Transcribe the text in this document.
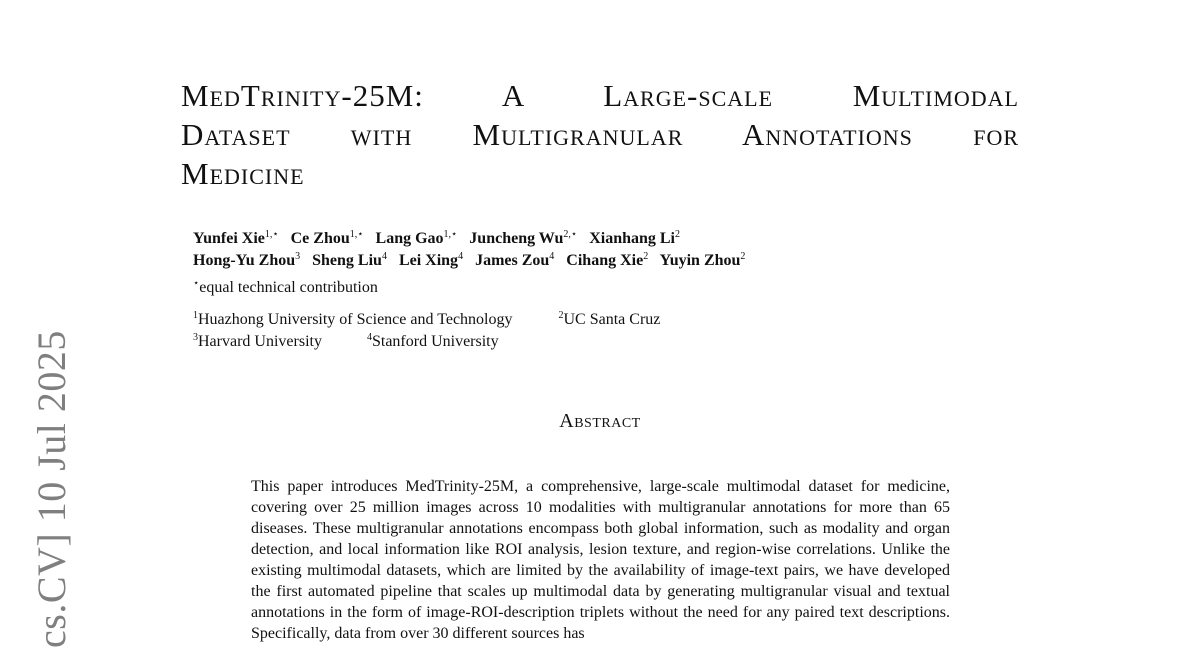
cs.CV] 10 Jul 2025
MedTrinity-25M: A Large-scale Multimodal
Dataset with Multigranular Annotations for
Medicine
Yunfei Xie$^{1,⋆}$ Ce Zhou$^{1,⋆}$ Lang Gao$^{1,⋆}$ Juncheng $Wu^{2,⋆}$ Xianhang Li$^2$
Hong-Yu Zhou$^3$ Sheng Liu$^4$ Lei Xing$^4$ James Zou$^4$ Cihang Xie$^2$ Yuyin Zhou$^2$
⋆equal technical contribution
$^1$Huazhong University of Science and Technology	$^2$UC Santa Cruz
$^3$Harvard University	$^4$Stanford University
Abstract

This paper introduces MedTrinity-25M, a comprehensive, large-scale multimodal dataset for medicine, covering over 25 million images across 10 modalities with multigranular annotations for more than 65 diseases. These multigranular annotations encompass both global information, such as modality and organ detection, and local information like ROI analysis, lesion texture, and region-wise correlations. Unlike the existing multimodal datasets, which are limited by the availability of image-text pairs, we have developed the first automated pipeline that scales up multimodal data by generating multigranular visual and textual annotations in the form of image-ROI-description triplets without the need for any paired text descriptions. Specifically, data from over 30 different sources has
